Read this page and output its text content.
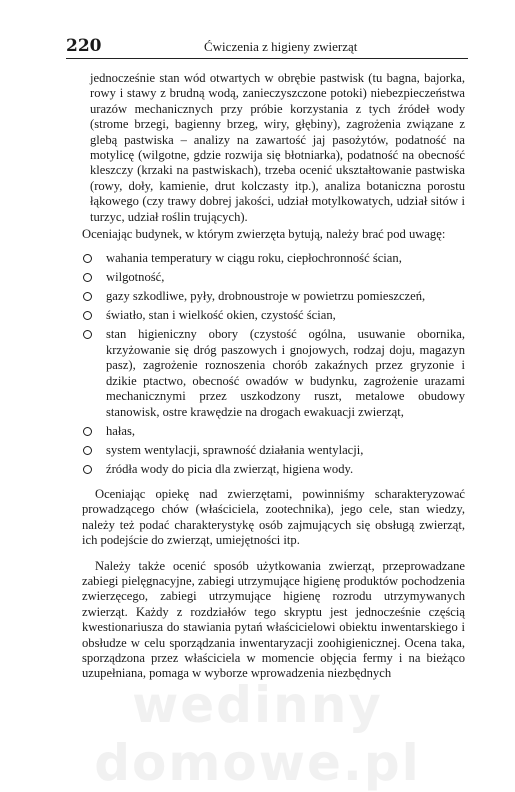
220	Ćwiczenia z higieny zwierząt

jednocześnie stan wód otwartych w obrębie pastwisk (tu bagna, bajorka, rowy i stawy z brudną wodą, zanieczyszczone potoki) niebezpieczeństwa urazów mechanicznych przy próbie korzystania z tych źródeł wody (strome brzegi, bagienny brzeg, wiry, głębiny), zagrożenia związane z glebą pastwiska – analizy na zawartość jaj pasożytów, podatność na motylicę (wilgotne, gdzie rozwija się błotniarka), podatność na obecność kleszczy (krzaki na pastwiskach), trzeba ocenić ukształtowanie pastwiska (rowy, doły, kamienie, drut kolczasty itp.), analiza botaniczna porostu łąkowego (czy trawy dobrej jakości, udział motylkowatych, udział sitów i turzyc, udział roślin trujących).

Oceniając budynek, w którym zwierzęta bytują, należy brać pod uwagę:

wahania temperatury w ciągu roku, ciepłochronność ścian,
wilgotność,
gazy szkodliwe, pyły, drobnoustroje w powietrzu pomieszczeń,
światło, stan i wielkość okien, czystość ścian,
stan higieniczny obory (czystość ogólna, usuwanie obornika, krzyżowanie się dróg paszowych i gnojowych, rodzaj doju, magazyn pasz), zagrożenie roznoszenia chorób zakaźnych przez gryzonie i dzikie ptactwo, obecność owadów w budynku, zagrożenie urazami mechanicznymi przez uszkodzony ruszt, metalowe obudowy stanowisk, ostre krawędzie na drogach ewakuacji zwierząt,
hałas,
system wentylacji, sprawność działania wentylacji,
źródła wody do picia dla zwierząt, higiena wody.

Oceniając opiekę nad zwierzętami, powinniśmy scharakteryzować prowadzącego chów (właściciela, zootechnika), jego cele, stan wiedzy, należy też podać charakterystykę osób zajmujących się obsługą zwierząt, ich podejście do zwierząt, umiejętności itp.

Należy także ocenić sposób użytkowania zwierząt, przeprowadzane zabiegi pielęgnacyjne, zabiegi utrzymujące higienę produktów pochodzenia zwierzęcego, zabiegi utrzymujące higienę rozrodu utrzymywanych zwierząt. Każdy z rozdziałów tego skryptu jest jednocześnie częścią kwestionariusza do stawiania pytań właścicielowi obiektu inwentarskiego i obsłudze w celu sporządzania inwentaryzacji zoohigienicznej. Ocena taka, sporządzona przez właściciela w momencie objęcia fermy i na bieżąco uzupełniana, pomaga w wyborze wprowadzenia niezbędnych

wedinny domowe.pl
